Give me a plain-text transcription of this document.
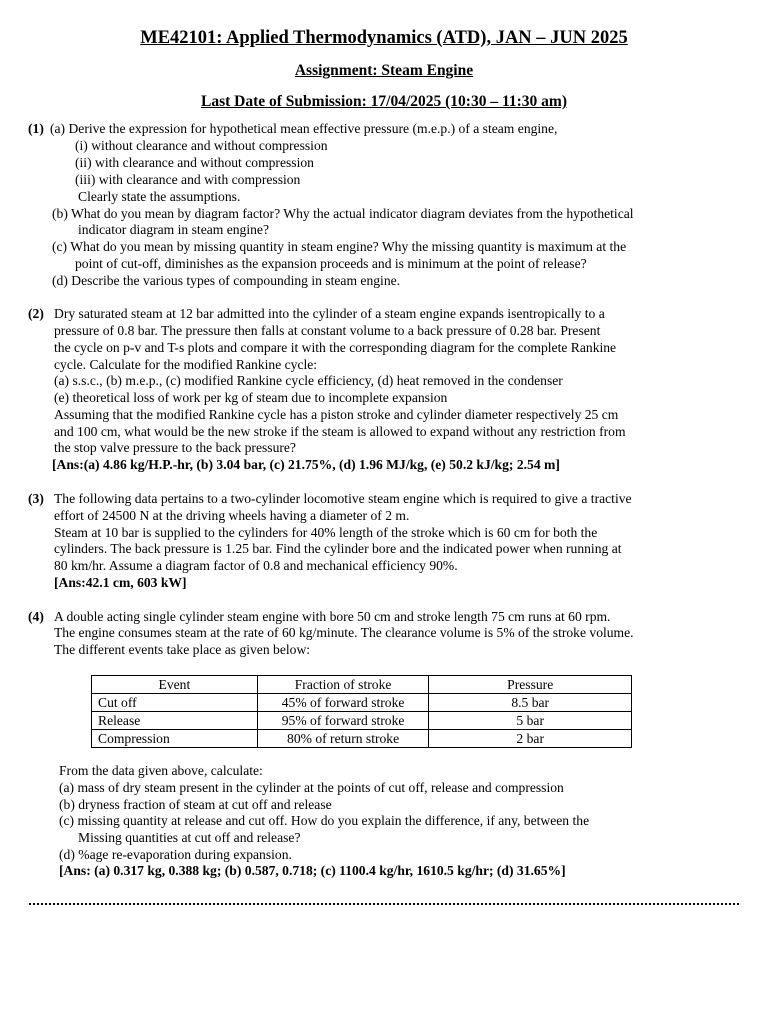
ME42101: Applied Thermodynamics (ATD), JAN – JUN 2025
Assignment: Steam Engine
Last Date of Submission: 17/04/2025 (10:30 – 11:30 am)
(1) (a) Derive the expression for hypothetical mean effective pressure (m.e.p.) of a steam engine,
(i) without clearance and without compression
(ii) with clearance and without compression
(iii) with clearance and with compression
Clearly state the assumptions.
(b) What do you mean by diagram factor? Why the actual indicator diagram deviates from the hypothetical
indicator diagram in steam engine?
(c) What do you mean by missing quantity in steam engine? Why the missing quantity is maximum at the
point of cut-off, diminishes as the expansion proceeds and is minimum at the point of release?
(d) Describe the various types of compounding in steam engine.
(2) Dry saturated steam at 12 bar admitted into the cylinder of a steam engine expands isentropically to a
pressure of 0.8 bar. The pressure then falls at constant volume to a back pressure of 0.28 bar. Present
the cycle on p-v and T-s plots and compare it with the corresponding diagram for the complete Rankine
cycle. Calculate for the modified Rankine cycle:
(a) s.s.c., (b) m.e.p., (c) modified Rankine cycle efficiency, (d) heat removed in the condenser
(e) theoretical loss of work per kg of steam due to incomplete expansion
Assuming that the modified Rankine cycle has a piston stroke and cylinder diameter respectively 25 cm
and 100 cm, what would be the new stroke if the steam is allowed to expand without any restriction from
the stop valve pressure to the back pressure?
[Ans:(a) 4.86 kg/H.P.-hr, (b) 3.04 bar, (c) 21.75%, (d) 1.96 MJ/kg, (e) 50.2 kJ/kg; 2.54 m]
(3) The following data pertains to a two-cylinder locomotive steam engine which is required to give a tractive
effort of 24500 N at the driving wheels having a diameter of 2 m.
Steam at 10 bar is supplied to the cylinders for 40% length of the stroke which is 60 cm for both the
cylinders. The back pressure is 1.25 bar. Find the cylinder bore and the indicated power when running at
80 km/hr. Assume a diagram factor of 0.8 and mechanical efficiency 90%.
[Ans:42.1 cm, 603 kW]
(4) A double acting single cylinder steam engine with bore 50 cm and stroke length 75 cm runs at 60 rpm.
The engine consumes steam at the rate of 60 kg/minute. The clearance volume is 5% of the stroke volume.
The different events take place as given below:
Event	Fraction of stroke	Pressure
Cut off	45% of forward stroke	8.5 bar
Release	95% of forward stroke	5 bar
Compression	80% of return stroke	2 bar
From the data given above, calculate:
(a) mass of dry steam present in the cylinder at the points of cut off, release and compression
(b) dryness fraction of steam at cut off and release
(c) missing quantity at release and cut off. How do you explain the difference, if any, between the
Missing quantities at cut off and release?
(d) %age re-evaporation during expansion.
[Ans: (a) 0.317 kg, 0.388 kg; (b) 0.587, 0.718; (c) 1100.4 kg/hr, 1610.5 kg/hr; (d) 31.65%]
